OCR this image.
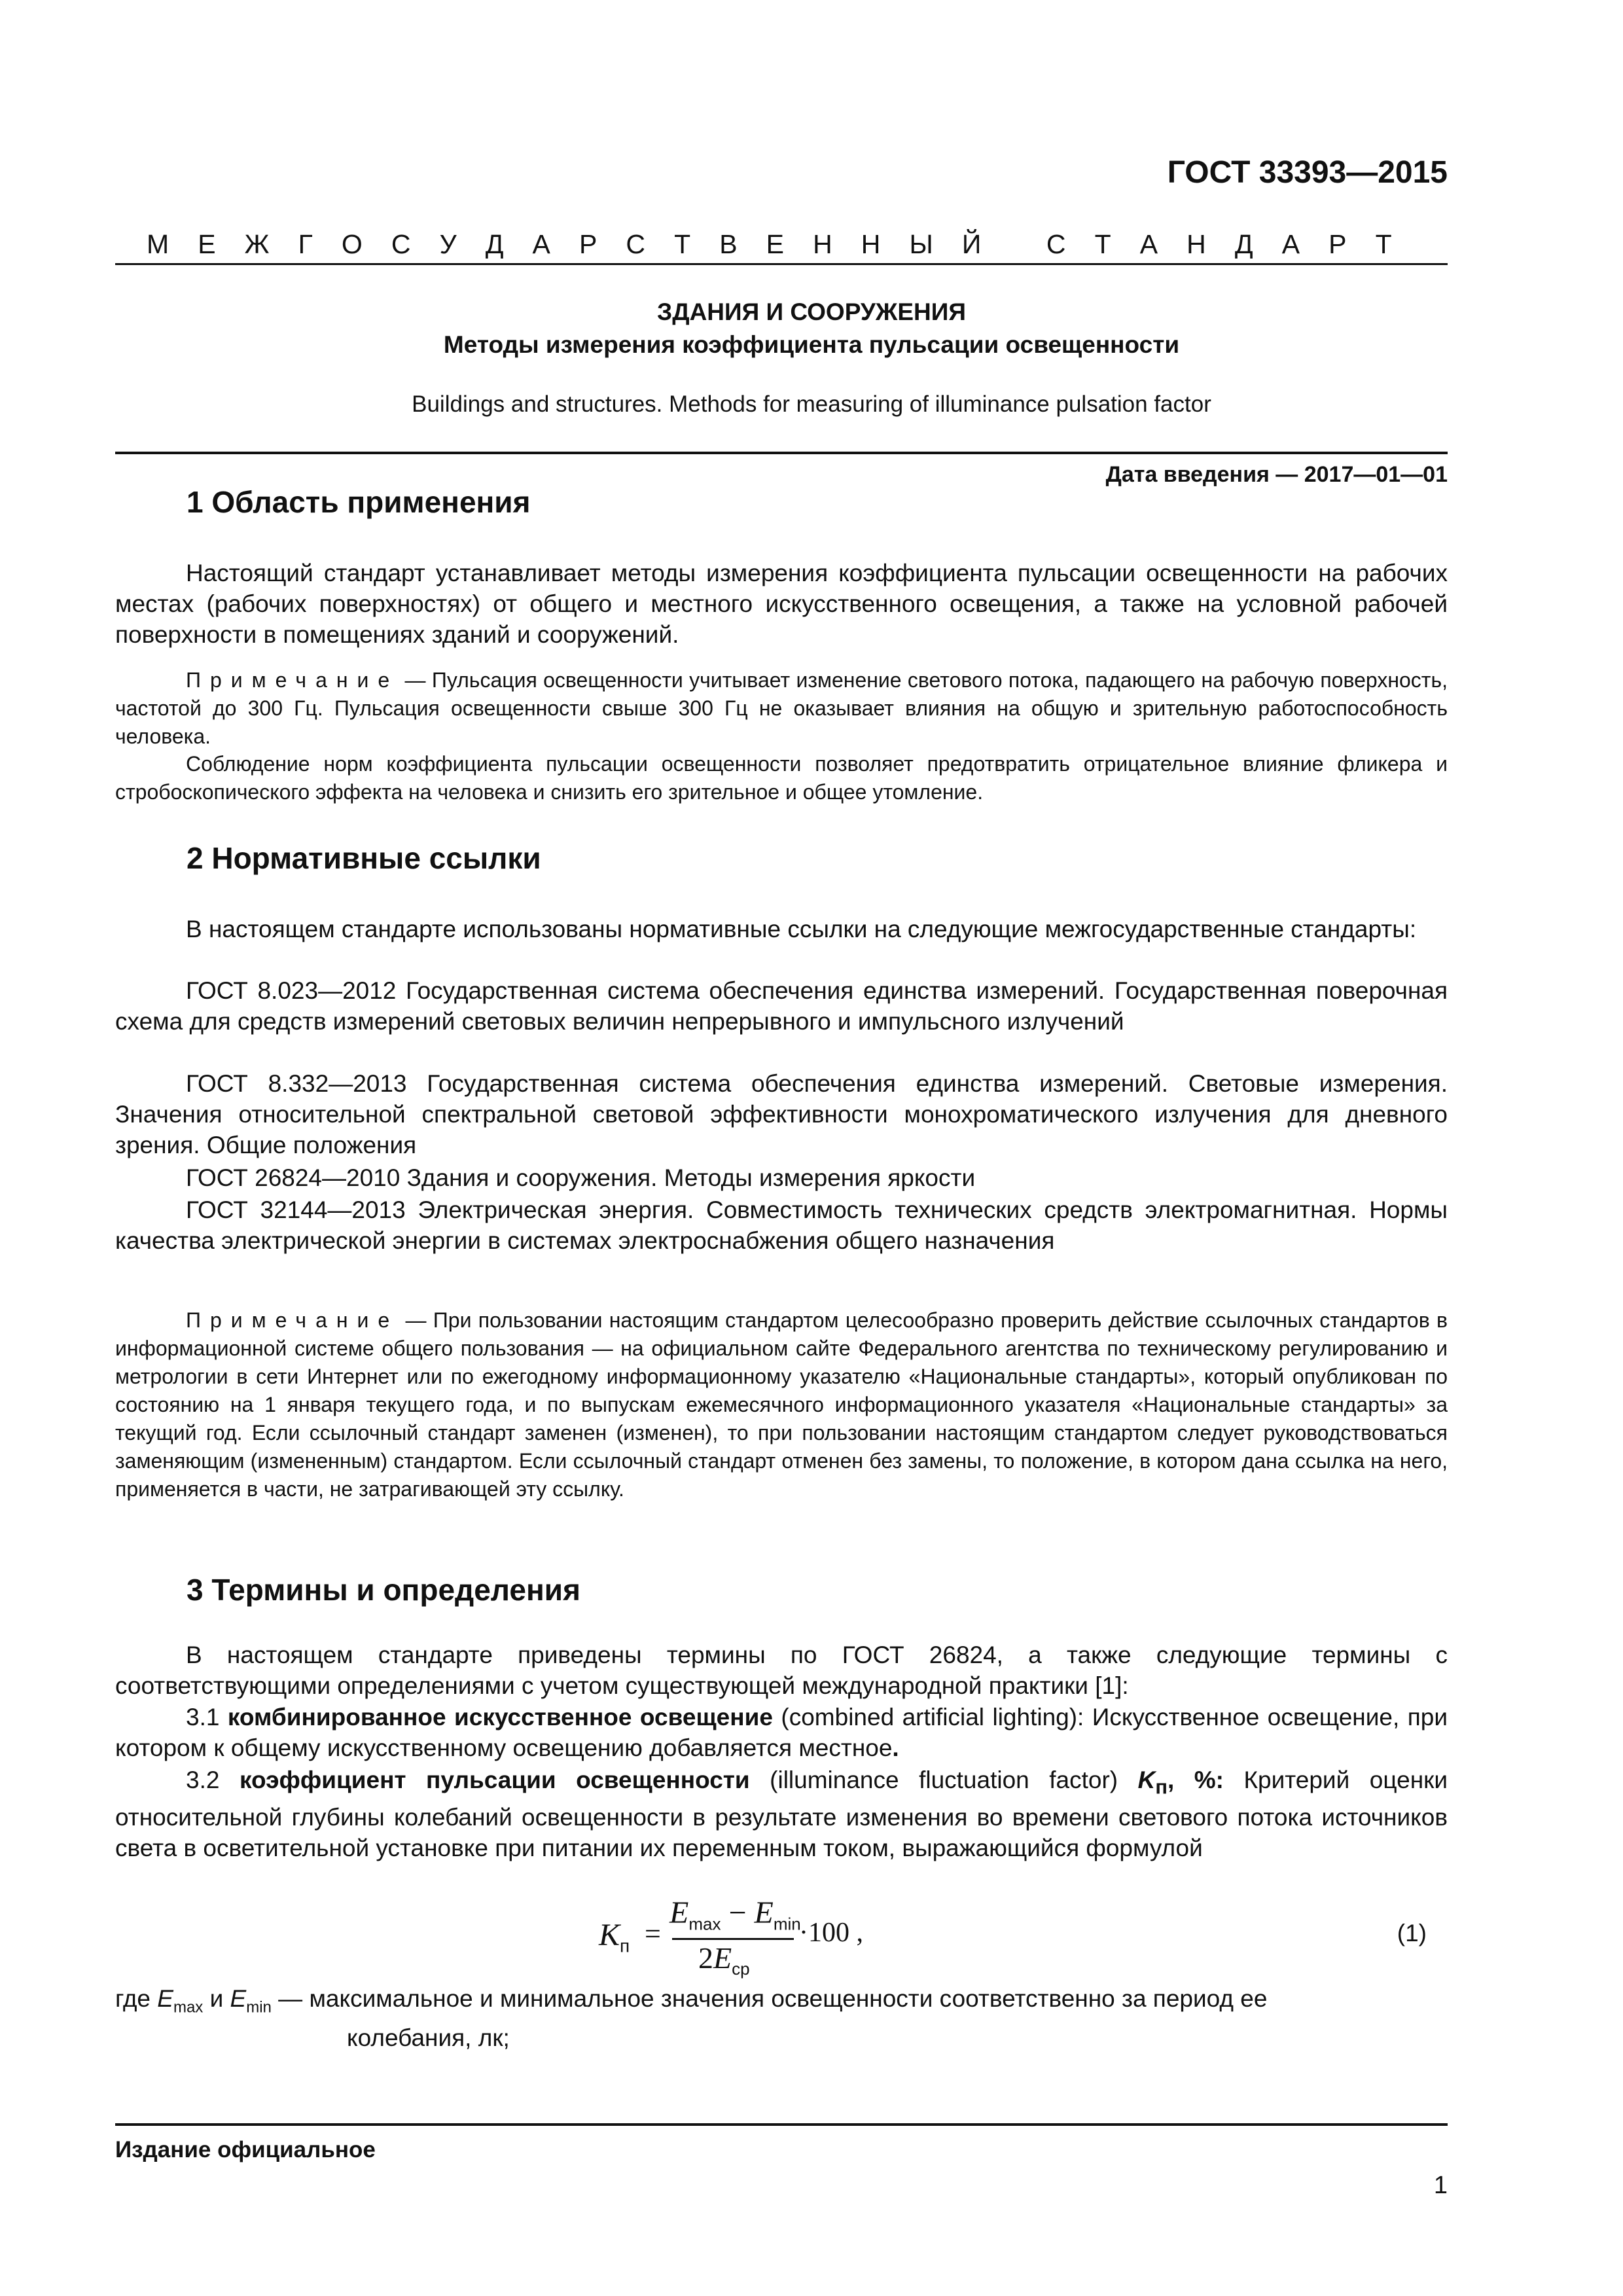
ГОСТ 33393—2015
М Е Ж Г О С У Д А Р С Т В Е Н Н Ы Й
С Т А Н Д А Р Т
ЗДАНИЯ И СООРУЖЕНИЯ
Методы измерения коэффициента пульсации освещенности
Buildings and structures. Methods for measuring of illuminance pulsation factor
Дата введения — 2017—01—01
1 Область применения
Настоящий стандарт устанавливает методы измерения коэффициента пульсации освещенности на рабочих местах (рабочих поверхностях) от общего и местного искусственного освещения, а также на условной рабочей поверхности в помещениях зданий и сооружений.
Примечание — Пульсация освещенности учитывает изменение светового потока, падающего на рабочую поверхность, частотой до 300 Гц. Пульсация освещенности свыше 300 Гц не оказывает влияния на общую и зрительную работоспособность человека.
Соблюдение норм коэффициента пульсации освещенности позволяет предотвратить отрицательное влияние фликера и стробоскопического эффекта на человека и снизить его зрительное и общее утомление.
2 Нормативные ссылки
В настоящем стандарте использованы нормативные ссылки на следующие межгосударственные стандарты:
ГОСТ 8.023—2012 Государственная система обеспечения единства измерений. Государственная поверочная схема для средств измерений световых величин непрерывного и импульсного излучений
ГОСТ 8.332—2013 Государственная система обеспечения единства измерений. Световые измерения. Значения относительной спектральной световой эффективности монохроматического излучения для дневного зрения. Общие положения
ГОСТ 26824—2010 Здания и сооружения. Методы измерения яркости
ГОСТ 32144—2013 Электрическая энергия. Совместимость технических средств электромагнитная. Нормы качества электрической энергии в системах электроснабжения общего назначения
Примечание — При пользовании настоящим стандартом целесообразно проверить действие ссылочных стандартов в информационной системе общего пользования — на официальном сайте Федерального агентства по техническому регулированию и метрологии в сети Интернет или по ежегодному информационному указателю «Национальные стандарты», который опубликован по состоянию на 1 января текущего года, и по выпускам ежемесячного информационного указателя «Национальные стандарты» за текущий год. Если ссылочный стандарт заменен (изменен), то при пользовании настоящим стандартом следует руководствоваться заменяющим (измененным) стандартом. Если ссылочный стандарт отменен без замены, то положение, в котором дана ссылка на него, применяется в части, не затрагивающей эту ссылку.
3 Термины и определения
В настоящем стандарте приведены термины по ГОСТ 26824, а также следующие термины с соответствующими определениями с учетом существующей международной практики [1]:
3.1 комбинированное искусственное освещение (combined artificial lighting): Искусственное освещение, при котором к общему искусственному освещению добавляется местное.
3.2 коэффициент пульсации освещенности (illuminance fluctuation factor) $K_п$, %: Критерий оценки относительной глубины колебаний освещенности в результате изменения во времени светового потока источников света в осветительной установке при питании их переменным током, выражающийся формулой
$K_п$ =
$E_{max} - E_{min}$
$2E_{ср}$
·100 ,	(1)
где $E_{max}$ и $E_{min}$ — максимальное и минимальное значения освещенности соответственно за период ее
колебания, лк;
Издание официальное
1
